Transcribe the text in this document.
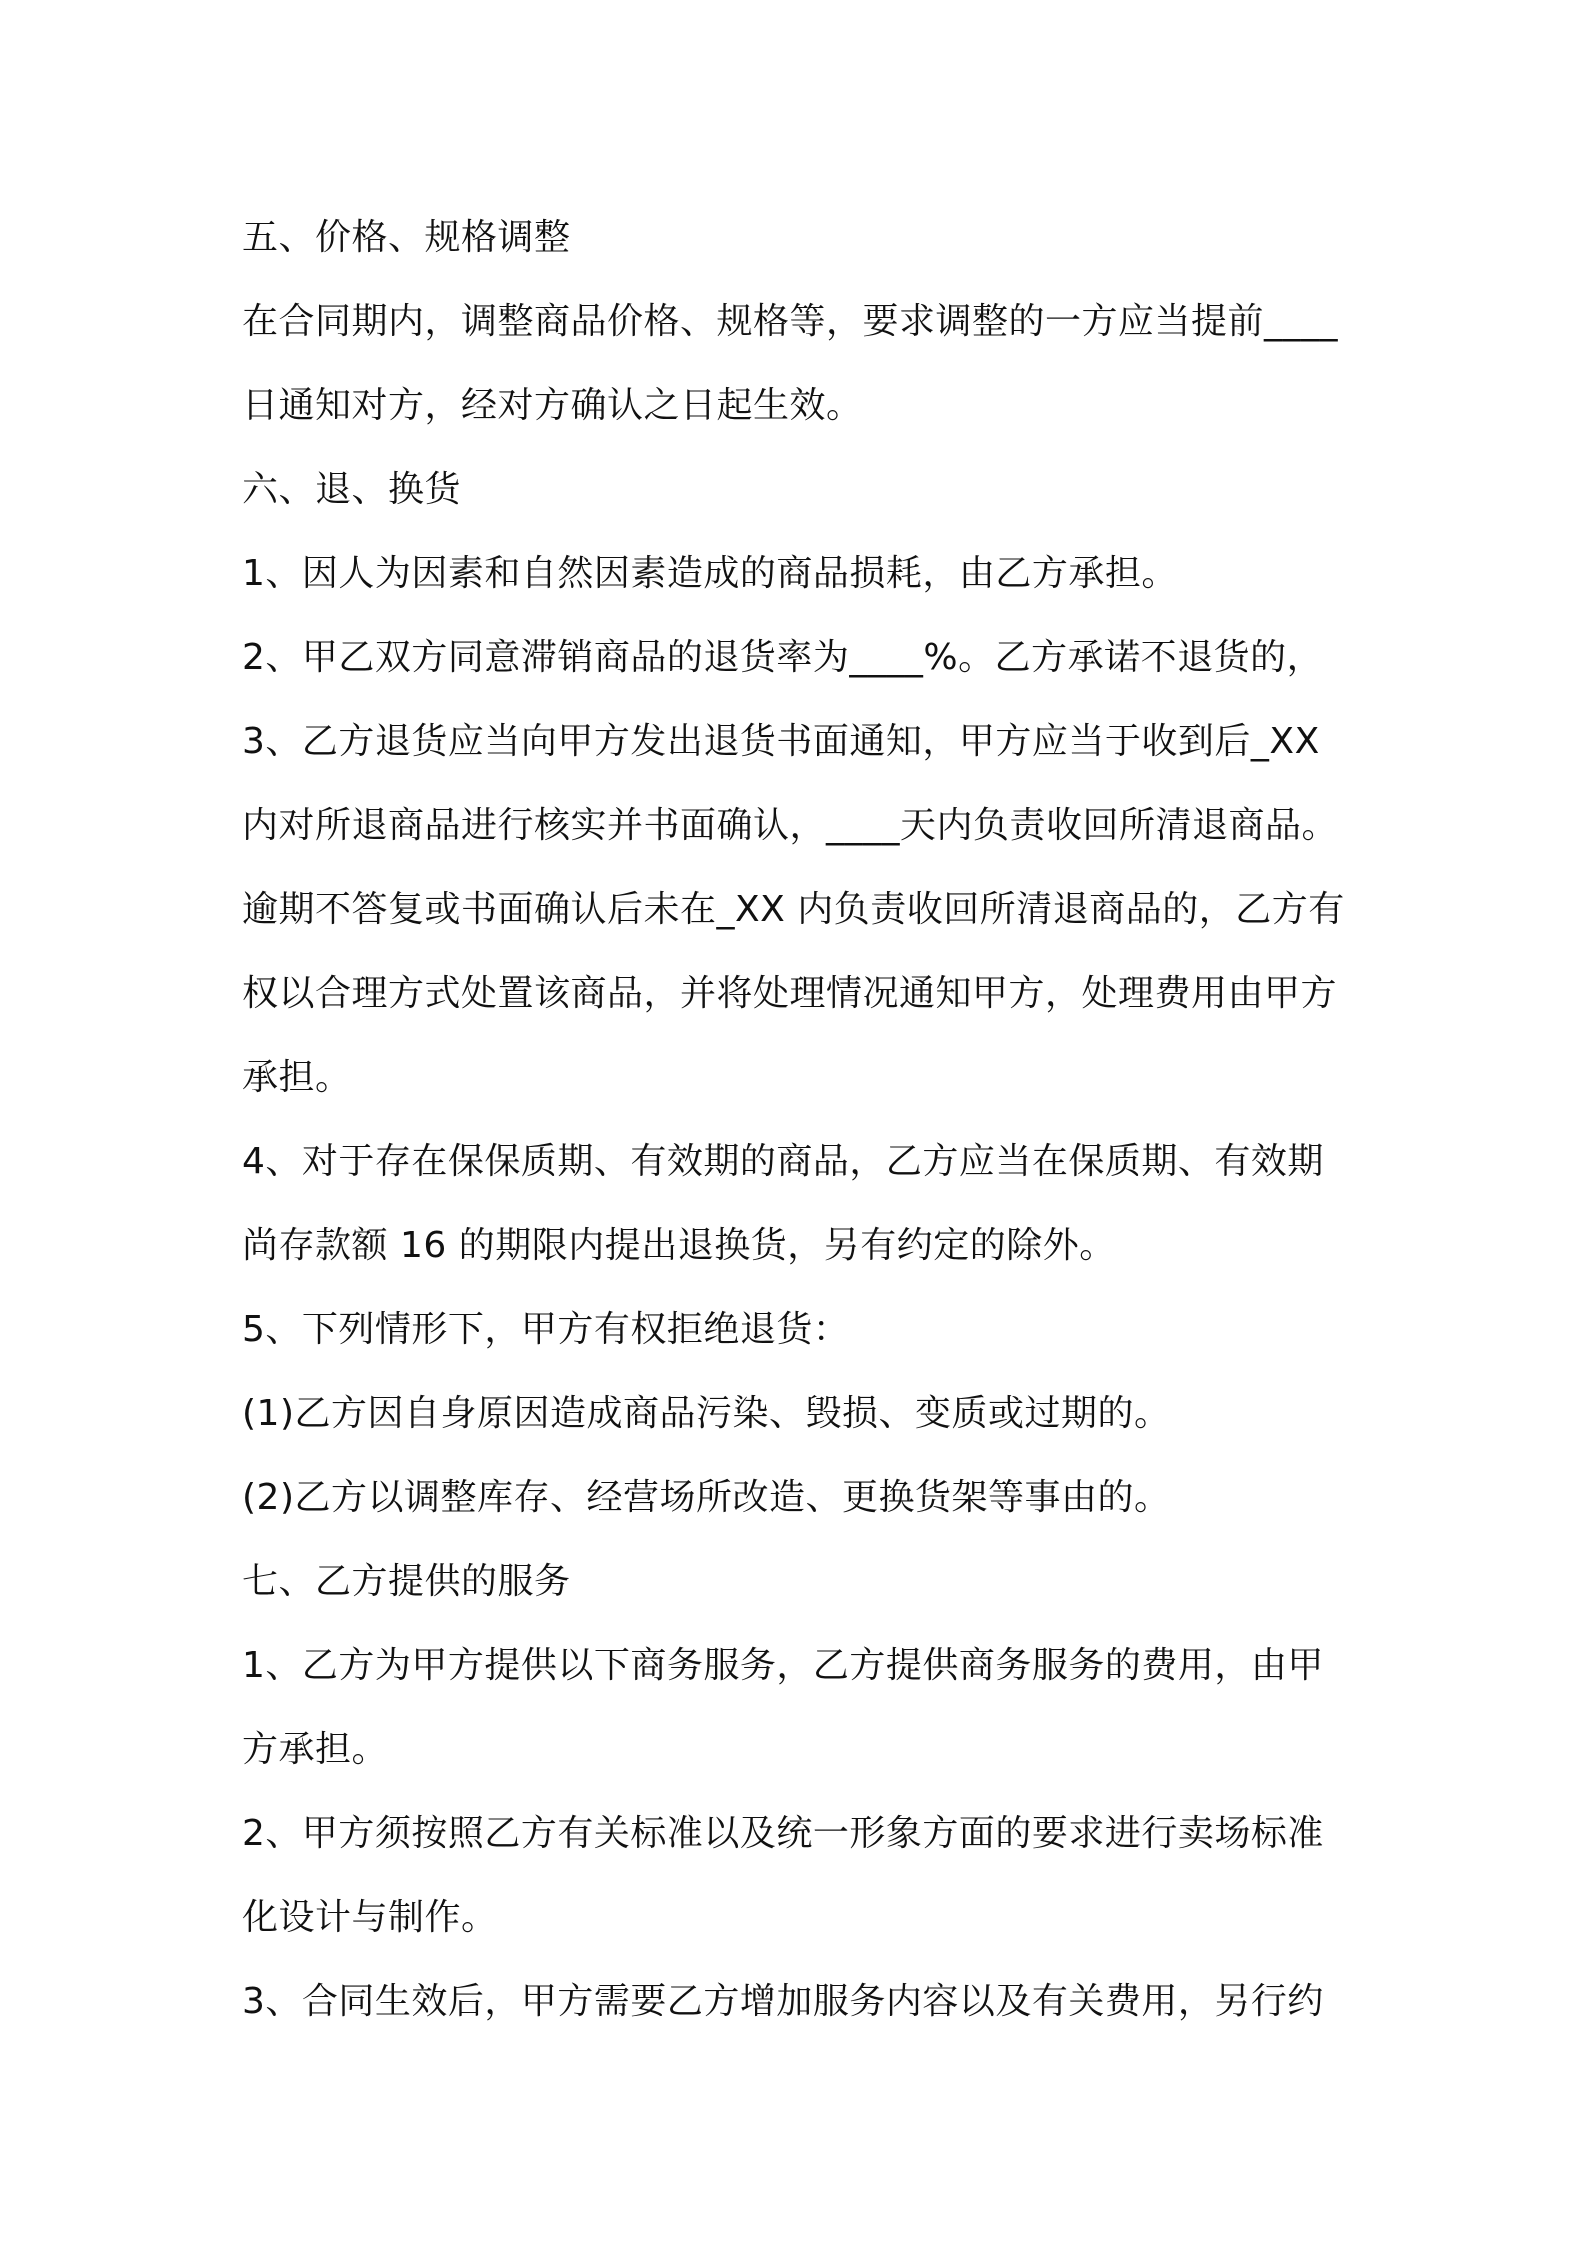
五、价格、规格调整
在合同期内，调整商品价格、规格等，要求调整的一方应当提前____
日通知对方，经对方确认之日起生效。
六、退、换货
1、因人为因素和自然因素造成的商品损耗，由乙方承担。
2、甲乙双方同意滞销商品的退货率为____%。乙方承诺不退货的，
3、乙方退货应当向甲方发出退货书面通知，甲方应当于收到后_XX
内对所退商品进行核实并书面确认，____天内负责收回所清退商品。
逾期不答复或书面确认后未在_XX 内负责收回所清退商品的，乙方有
权以合理方式处置该商品，并将处理情况通知甲方，处理费用由甲方
承担。
4、对于存在保保质期、有效期的商品，乙方应当在保质期、有效期
尚存款额 16 的期限内提出退换货，另有约定的除外。
5、下列情形下，甲方有权拒绝退货：
(1)乙方因自身原因造成商品污染、毁损、变质或过期的。
(2)乙方以调整库存、经营场所改造、更换货架等事由的。
七、乙方提供的服务
1、乙方为甲方提供以下商务服务，乙方提供商务服务的费用，由甲
方承担。
2、甲方须按照乙方有关标准以及统一形象方面的要求进行卖场标准
化设计与制作。
3、合同生效后，甲方需要乙方增加服务内容以及有关费用，另行约
